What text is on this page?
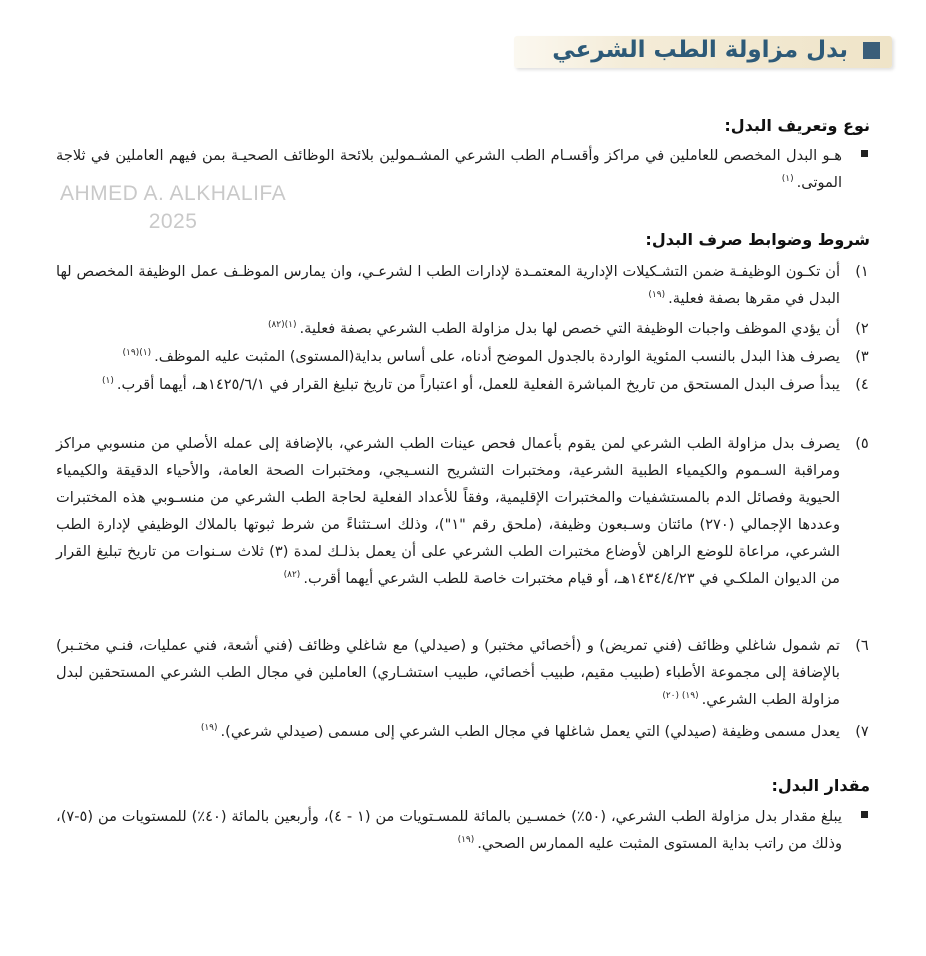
بدل مزاولة الطب الشرعي
AHMED A. ALKHALIFA
2025
نوع وتعريف البدل:
هـو البدل المخصص للعاملين في مراكز وأقسـام الطب الشرعي المشـمولين بلائحة الوظائف الصحيـة بمن فيهم العاملين في ثلاجة الموتى.$^{(١)}$
شروط وضوابط صرف البدل:
١)
أن تكـون الوظيفـة ضمن التشـكيلات الإدارية المعتمـدة لإدارات الطب ا لشرعـي، وان يمارس الموظـف عمل الوظيفة المخصص لها البدل في مقرها بصفة فعلية.$^{(١٩)}$
٢)
أن يؤدي الموظف واجبات الوظيفة التي خصص لها بدل مزاولة الطب الشرعي بصفة فعلية.$^{(١)(٨٢)}$
٣)
يصرف هذا البدل بالنسب المئوية الواردة بالجدول الموضح أدناه، على أساس بداية(المستوى) المثبت عليه الموظف.$^{(١)(١٩)}$
٤)
يبدأ صرف البدل المستحق من تاريخ المباشرة الفعلية للعمل، أو اعتباراً من تاريخ تبليغ القرار في ١٤٢٥/٦/١هـ، أيهما أقرب.$^{(١)}$
٥)
يصرف بدل مزاولة الطب الشرعي لمن يقوم بأعمال فحص عينات الطب الشرعي، بالإضافة إلى عمله الأصلي من منسوبي مراكز ومراقبة السـموم والكيمياء الطبية الشرعية، ومختبرات التشريح النسـيجي، ومختبرات الصحة العامة، والأحياء الدقيقة والكيمياء الحيوية وفصائل الدم بالمستشفيات والمختبرات الإقليمية، وفقاً للأعداد الفعلية لحاجة الطب الشرعي من منسـوبي هذه المختبرات وعددها الإجمالي (٢٧٠) مائتان وسـبعون وظيفة، (ملحق رقم "١")، وذلك اسـتثناءً من شرط ثبوتها بالملاك الوظيفي لإدارة الطب الشرعي، مراعاة للوضع الراهن لأوضاع مختبرات الطب الشرعي على أن يعمل بذلـك لمدة (٣) ثلاث سـنوات من تاريخ تبليغ القرار من الديوان الملكـي في ١٤٣٤/٤/٢٣هـ، أو قيام مختبرات خاصة للطب الشرعي أيهما أقرب.$^{(٨٢)}$
٦)
تم شمول شاغلي وظائف (فني تمريض) و (أخصائي مختبر) و (صيدلي) مع شاغلي وظائف (فني أشعة، فني عمليات، فنـي مختـبر) بالإضافة إلى مجموعة الأطباء (طبيب مقيم، طبيب أخصائي، طبيب استشـاري) العاملين في مجال الطب الشرعي المستحقين لبدل مزاولة الطب الشرعي.$^{(١٩) (٢٠)}$
٧)
يعدل مسمى وظيفة (صيدلي) التي يعمل شاغلها في مجال الطب الشرعي إلى مسمى (صيدلي شرعي).$^{(١٩)}$
مقدار البدل:
يبلغ مقدار بدل مزاولة الطب الشرعي، (٥٠٪) خمسـين بالمائة للمسـتويات من (١ - ٤)، وأربعين بالمائة (٤٠٪) للمستويات من (٥-٧)، وذلك من راتب بداية المستوى المثبت عليه الممارس الصحي.$^{(١٩)}$
